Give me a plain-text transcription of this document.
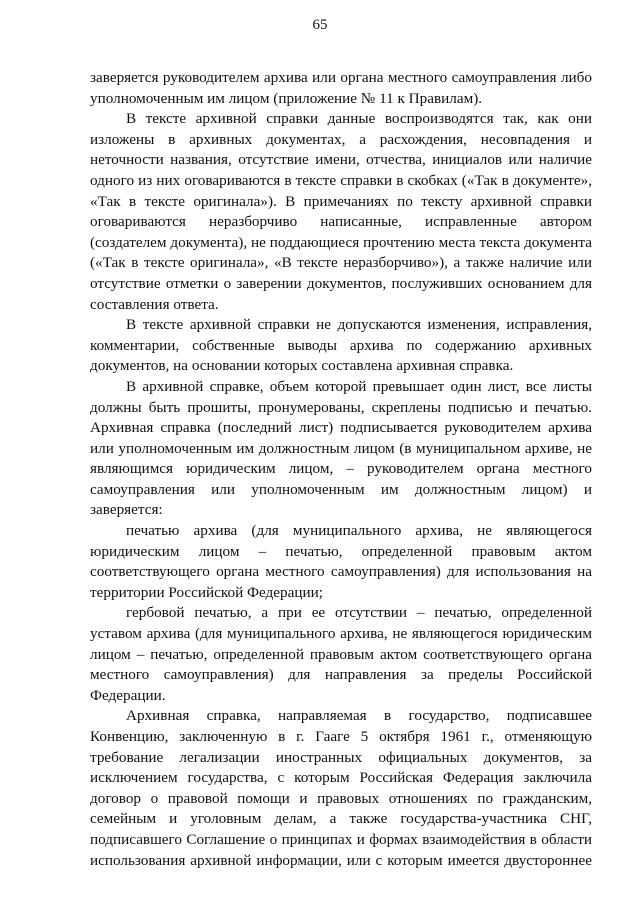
65

заверяется руководителем архива или органа местного самоуправления либо уполномоченным им лицом (приложение № 11 к Правилам).

В тексте архивной справки данные воспроизводятся так, как они изложены в архивных документах, а расхождения, несовпадения и неточности названия, отсутствие имени, отчества, инициалов или наличие одного из них оговариваются в тексте справки в скобках («Так в документе», «Так в тексте оригинала»). В примечаниях по тексту архивной справки оговариваются неразборчиво написанные, исправленные автором (создателем документа), не поддающиеся прочтению места текста документа («Так в тексте оригинала», «В тексте неразборчиво»), а также наличие или отсутствие отметки о заверении документов, послуживших основанием для составления ответа.

В тексте архивной справки не допускаются изменения, исправления, комментарии, собственные выводы архива по содержанию архивных документов, на основании которых составлена архивная справка.

В архивной справке, объем которой превышает один лист, все листы должны быть прошиты, пронумерованы, скреплены подписью и печатью. Архивная справка (последний лист) подписывается руководителем архива или уполномоченным им должностным лицом (в муниципальном архиве, не являющимся юридическим лицом, – руководителем органа местного самоуправления или уполномоченным им должностным лицом) и заверяется:

печатью архива (для муниципального архива, не являющегося юридическим лицом – печатью, определенной правовым актом соответствующего органа местного самоуправления) для использования на территории Российской Федерации;

гербовой печатью, а при ее отсутствии – печатью, определенной уставом архива (для муниципального архива, не являющегося юридическим лицом – печатью, определенной правовым актом соответствующего органа местного самоуправления) для направления за пределы Российской Федерации.

Архивная справка, направляемая в государство, подписавшее Конвенцию, заключенную в г. Гааге 5 октября 1961 г., отменяющую требование легализации иностранных официальных документов, за исключением государства, с которым Российская Федерация заключила договор о правовой помощи и правовых отношениях по гражданским, семейным и уголовным делам, а также государства-участника СНГ, подписавшего Соглашение о принципах и формах взаимодействия в области использования архивной информации, или с которым имеется двустороннее
